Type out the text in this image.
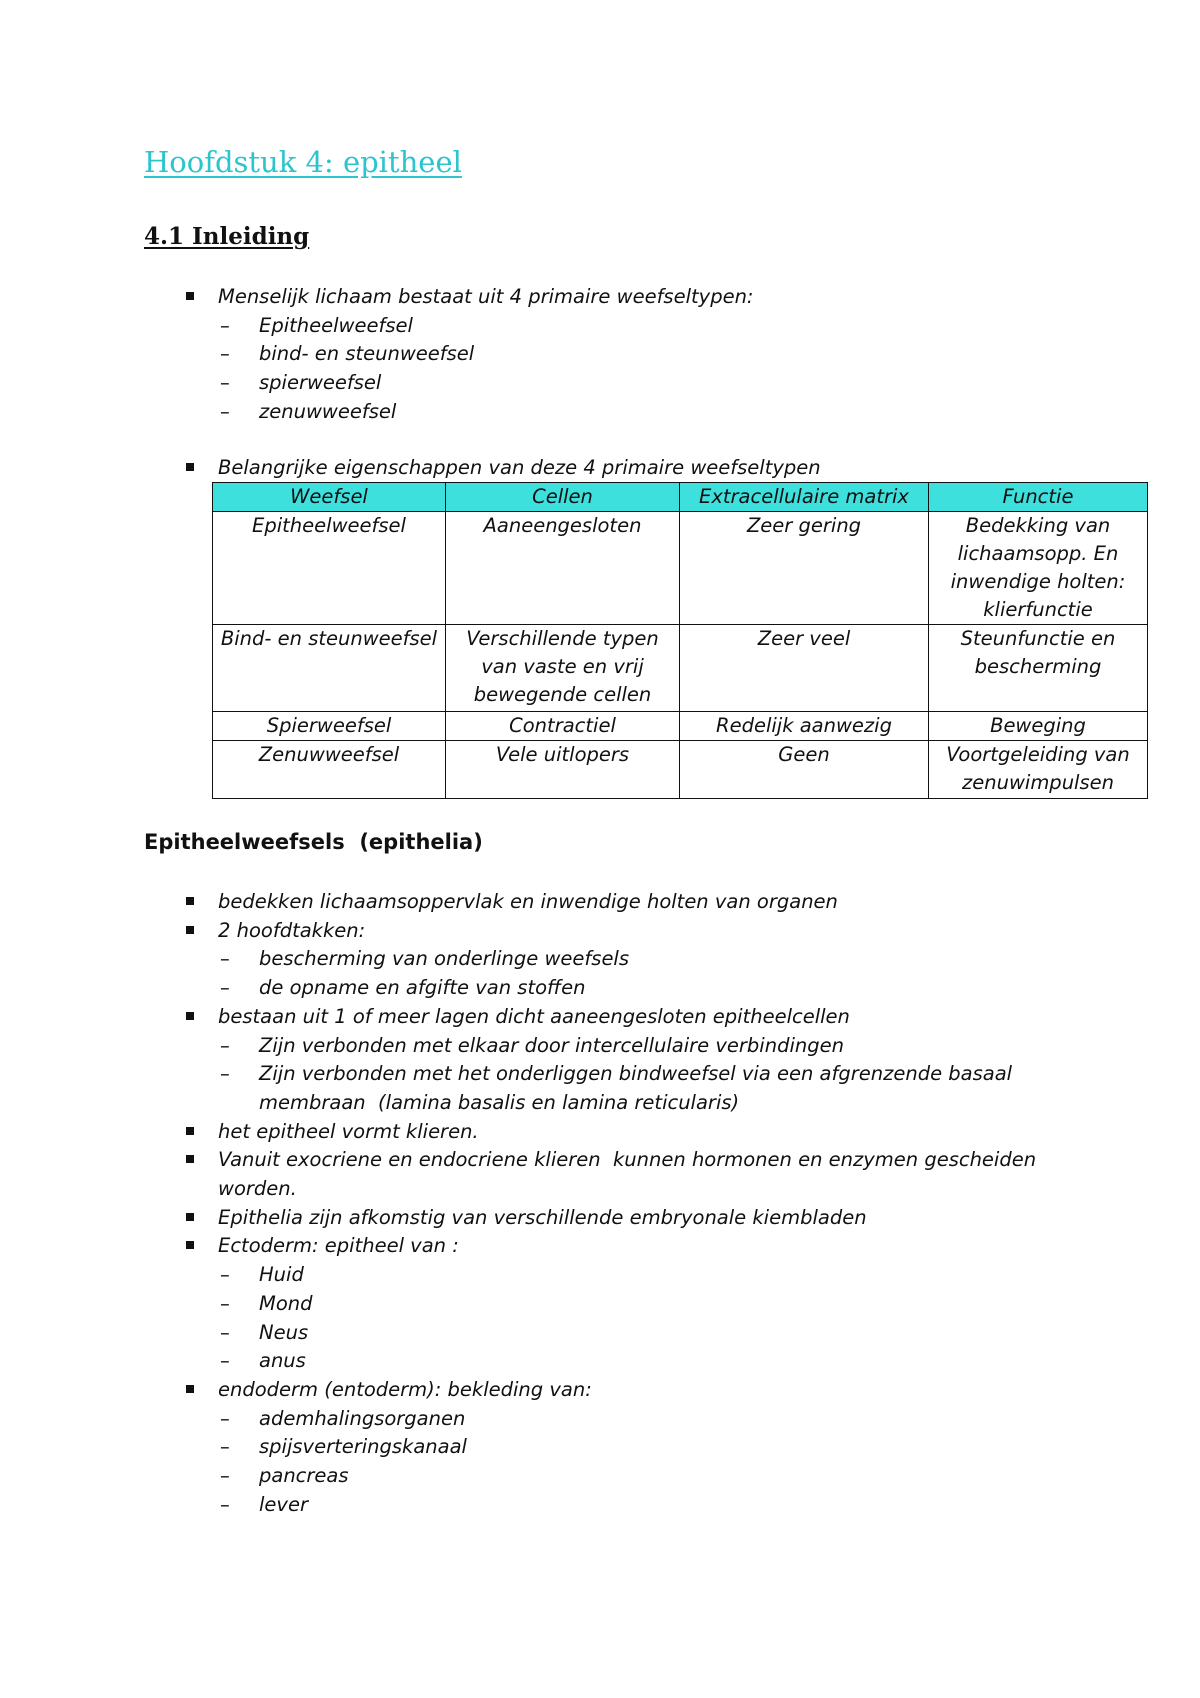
Hoofdstuk 4: epitheel
4.1 Inleiding
Menselijk lichaam bestaat uit 4 primaire weefseltypen:
– Epitheelweefsel
– bind- en steunweefsel
– spierweefsel
– zenuwweefsel
Belangrijke eigenschappen van deze 4 primaire weefseltypen
Weefsel	Cellen	Extracellulaire matrix	Functie
Epitheelweefsel	Aaneengesloten	Zeer gering	Bedekking van lichaamsopp. En inwendige holten: klierfunctie
Bind- en steunweefsel	Verschillende typen van vaste en vrij bewegende cellen	Zeer veel	Steunfunctie en bescherming
Spierweefsel	Contractiel	Redelijk aanwezig	Beweging
Zenuwweefsel	Vele uitlopers	Geen	Voortgeleiding van zenuwimpulsen
Epitheelweefsels  (epithelia)
bedekken lichaamsoppervlak en inwendige holten van organen
2 hoofdtakken:
– bescherming van onderlinge weefsels
– de opname en afgifte van stoffen
bestaan uit 1 of meer lagen dicht aaneengesloten epitheelcellen
– Zijn verbonden met elkaar door intercellulaire verbindingen
– Zijn verbonden met het onderliggen bindweefsel via een afgrenzende basaal
membraan  (lamina basalis en lamina reticularis)
het epitheel vormt klieren.
Vanuit exocriene en endocriene klieren  kunnen hormonen en enzymen gescheiden
worden.
Epithelia zijn afkomstig van verschillende embryonale kiembladen
Ectoderm: epitheel van :
– Huid
– Mond
– Neus
– anus
endoderm (entoderm): bekleding van:
– ademhalingsorganen
– spijsverteringskanaal
– pancreas
– lever
